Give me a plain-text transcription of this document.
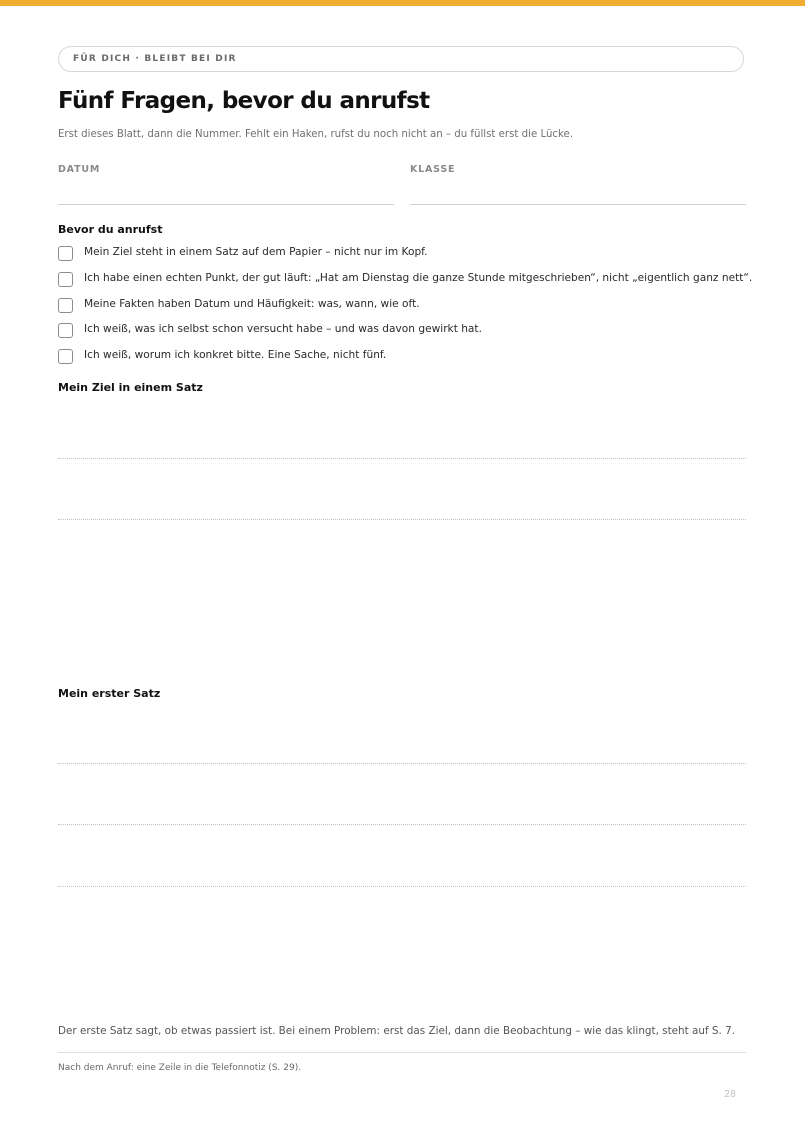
FÜR DICH · BLEIBT BEI DIR
Fünf Fragen, bevor du anrufst
Erst dieses Blatt, dann die Nummer. Fehlt ein Haken, rufst du noch nicht an – du füllst erst die Lücke.
DATUM	KLASSE
Bevor du anrufst
Mein Ziel steht in einem Satz auf dem Papier – nicht nur im Kopf.
Ich habe einen echten Punkt, der gut läuft: „Hat am Dienstag die ganze Stunde mitgeschrieben“, nicht „eigentlich ganz nett“.
Meine Fakten haben Datum und Häufigkeit: was, wann, wie oft.
Ich weiß, was ich selbst schon versucht habe – und was davon gewirkt hat.
Ich weiß, worum ich konkret bitte. Eine Sache, nicht fünf.
Mein Ziel in einem Satz
Mein erster Satz
Der erste Satz sagt, ob etwas passiert ist. Bei einem Problem: erst das Ziel, dann die Beobachtung – wie das klingt, steht auf S. 7.
Nach dem Anruf: eine Zeile in die Telefonnotiz (S. 29).
28
